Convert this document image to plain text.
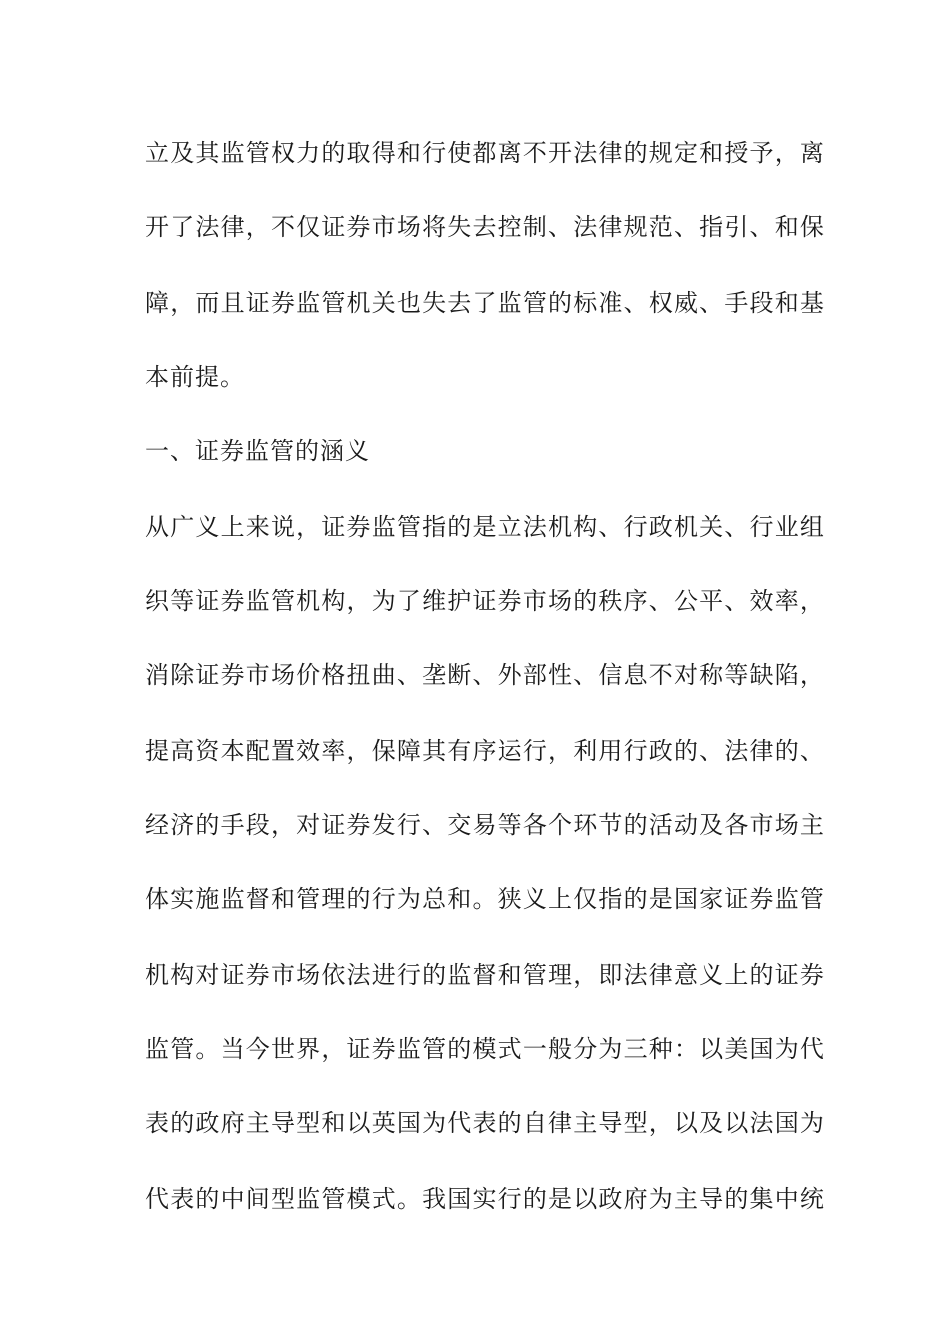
立 及 其 监 管 权 力 的 取 得 和 行 使 都 离 不 开 法 律 的 规 定 和 授 予 ， 离
开 了 法 律 ， 不 仅 证 券 市 场 将 失 去 控 制 、 法 律 规 范 、 指 引 、 和 保
障 ， 而 且 证 券 监 管 机 关 也 失 去 了 监 管 的 标 准 、 权 威 、 手 段 和 基
本前提。
一、证券监管的涵义
从 广 义 上 来 说 ， 证 券 监 管 指 的 是 立 法 机 构 、 行 政 机 关 、 行 业 组
织 等 证 券 监 管 机 构 ， 为 了 维 护 证 券 市 场 的 秩 序 、 公 平 、 效 率 ，
消 除 证 券 市 场 价 格 扭 曲 、 垄 断 、 外 部 性 、 信 息 不 对 称 等 缺 陷 ，
提 高 资 本 配 置 效 率 ， 保 障 其 有 序 运 行 ， 利 用 行 政 的 、 法 律 的 、
经 济 的 手 段 ， 对 证 券 发 行 、 交 易 等 各 个 环 节 的 活 动 及 各 市 场 主
体 实 施 监 督 和 管 理 的 行 为 总 和 。 狭 义 上 仅 指 的 是 国 家 证 券 监 管
机 构 对 证 券 市 场 依 法 进 行 的 监 督 和 管 理 ， 即 法 律 意 义 上 的 证 券
监 管 。 当 今 世 界 ， 证 券 监 管 的 模 式 一 般 分 为 三 种 ： 以 美 国 为 代
表 的 政 府 主 导 型 和 以 英 国 为 代 表 的 自 律 主 导 型 ， 以 及 以 法 国 为
代 表 的 中 间 型 监 管 模 式 。 我 国 实 行 的 是 以 政 府 为 主 导 的 集 中 统
